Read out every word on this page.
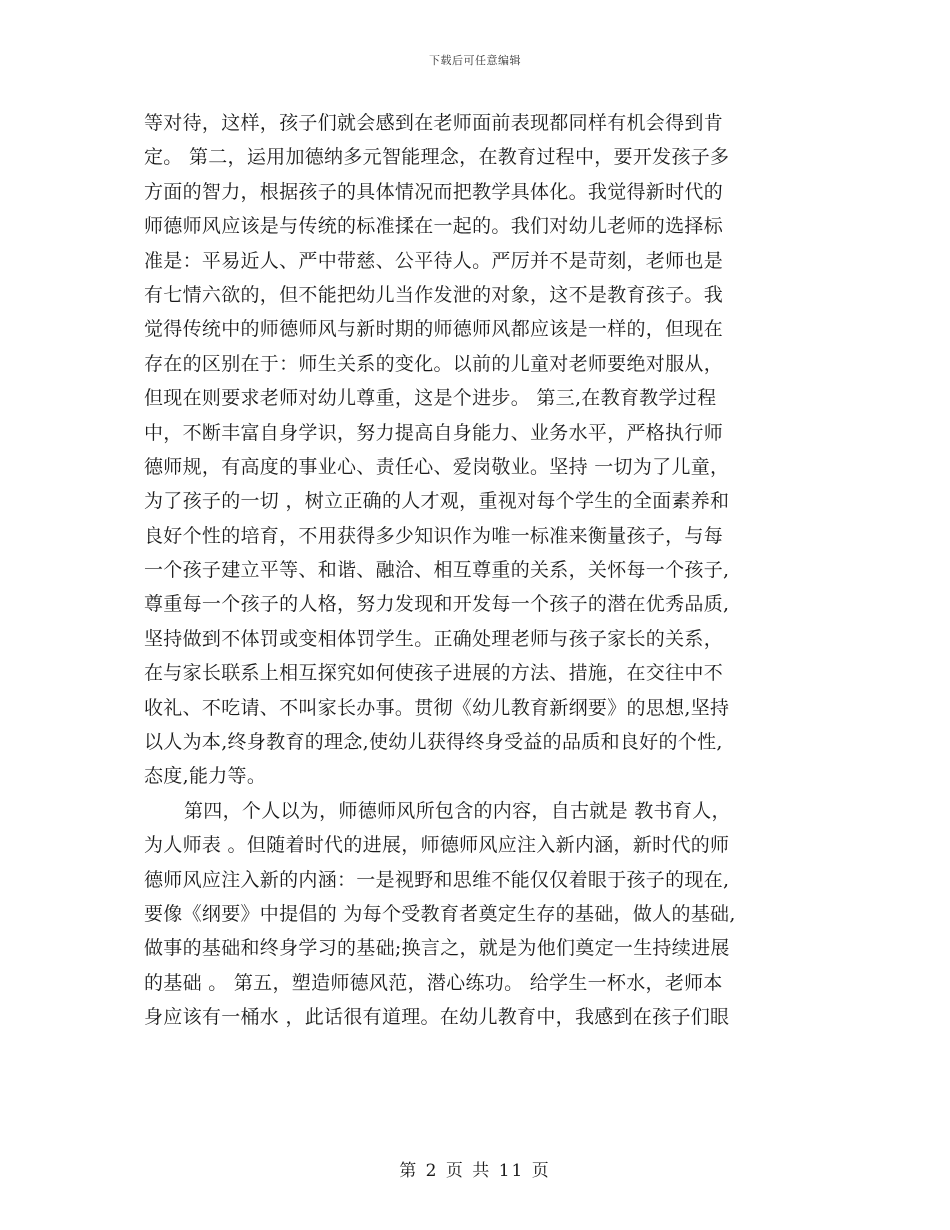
下载后可任意编辑
等对待，这样，孩子们就会感到在老师面前表现都同样有机会得到肯
定。 第二，运用加德纳多元智能理念，在教育过程中，要开发孩子多
方面的智力，根据孩子的具体情况而把教学具体化。我觉得新时代的
师德师风应该是与传统的标准揉在一起的。我们对幼儿老师的选择标
准是：平易近人、严中带慈、公平待人。严厉并不是苛刻，老师也是
有七情六欲的，但不能把幼儿当作发泄的对象，这不是教育孩子。我
觉得传统中的师德师风与新时期的师德师风都应该是一样的，但现在
存在的区别在于：师生关系的变化。以前的儿童对老师要绝对服从，
但现在则要求老师对幼儿尊重，这是个进步。 第三,在教育教学过程
中，不断丰富自身学识，努力提高自身能力、业务水平，严格执行师
德师规，有高度的事业心、责任心、爱岗敬业。坚持 一切为了儿童，
为了孩子的一切 ，树立正确的人才观，重视对每个学生的全面素养和
良好个性的培育，不用获得多少知识作为唯一标准来衡量孩子，与每
一个孩子建立平等、和谐、融洽、相互尊重的关系，关怀每一个孩子,
尊重每一个孩子的人格，努力发现和开发每一个孩子的潜在优秀品质,
坚持做到不体罚或变相体罚学生。正确处理老师与孩子家长的关系，
在与家长联系上相互探究如何使孩子进展的方法、措施，在交往中不
收礼、不吃请、不叫家长办事。贯彻《幼儿教育新纲要》的思想,坚持
以人为本,终身教育的理念,使幼儿获得终身受益的品质和良好的个性,
态度,能力等。
第四，个人以为，师德师风所包含的内容，自古就是 教书育人，
为人师表 。但随着时代的进展，师德师风应注入新内涵，新时代的师
德师风应注入新的内涵：一是视野和思维不能仅仅着眼于孩子的现在,
要像《纲要》中提倡的 为每个受教育者奠定生存的基础，做人的基础,
做事的基础和终身学习的基础;换言之，就是为他们奠定一生持续进展
的基础 。 第五，塑造师德风范，潜心练功。 给学生一杯水，老师本
身应该有一桶水 ，此话很有道理。在幼儿教育中，我感到在孩子们眼
第 2 页 共 11 页
